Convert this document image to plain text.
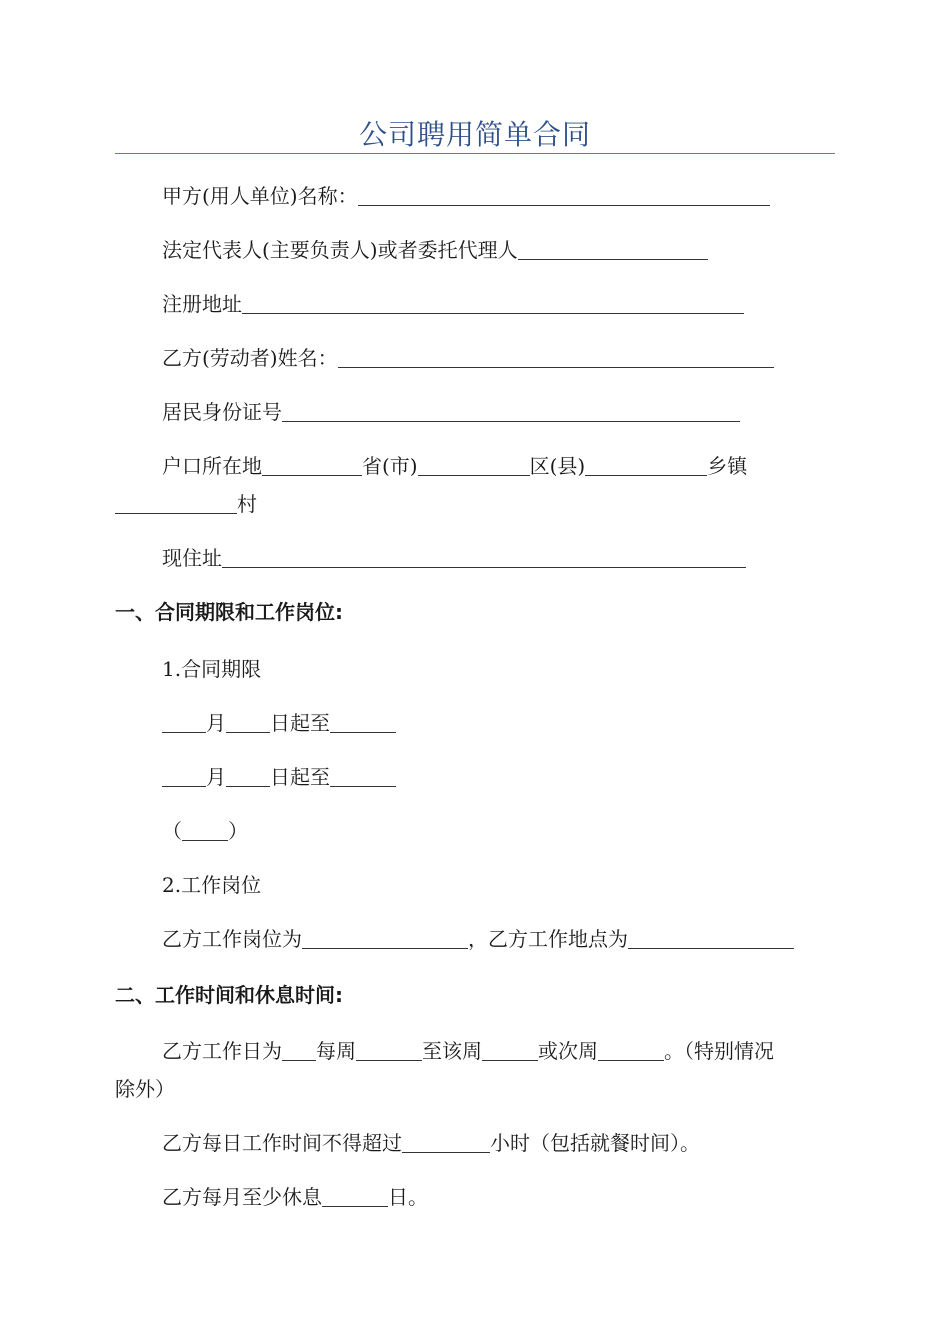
公司聘用简单合同
甲方(用人单位)名称：
法定代表人(主要负责人)或者委托代理人
注册地址
乙方(劳动者)姓名：
居民身份证号
户口所在地	省(市)	区(县)	乡镇
村
现住址
一、合同期限和工作岗位:
1.合同期限
月 日起至
月 日起至
（ ）
2.工作岗位
乙方工作岗位为	，乙方工作地点为
二、工作时间和休息时间:
乙方工作日为 每周	至该周	或次周	。（特别情况
除外）
乙方每日工作时间不得超过	小时（包括就餐时间）。
乙方每月至少休息	日。
